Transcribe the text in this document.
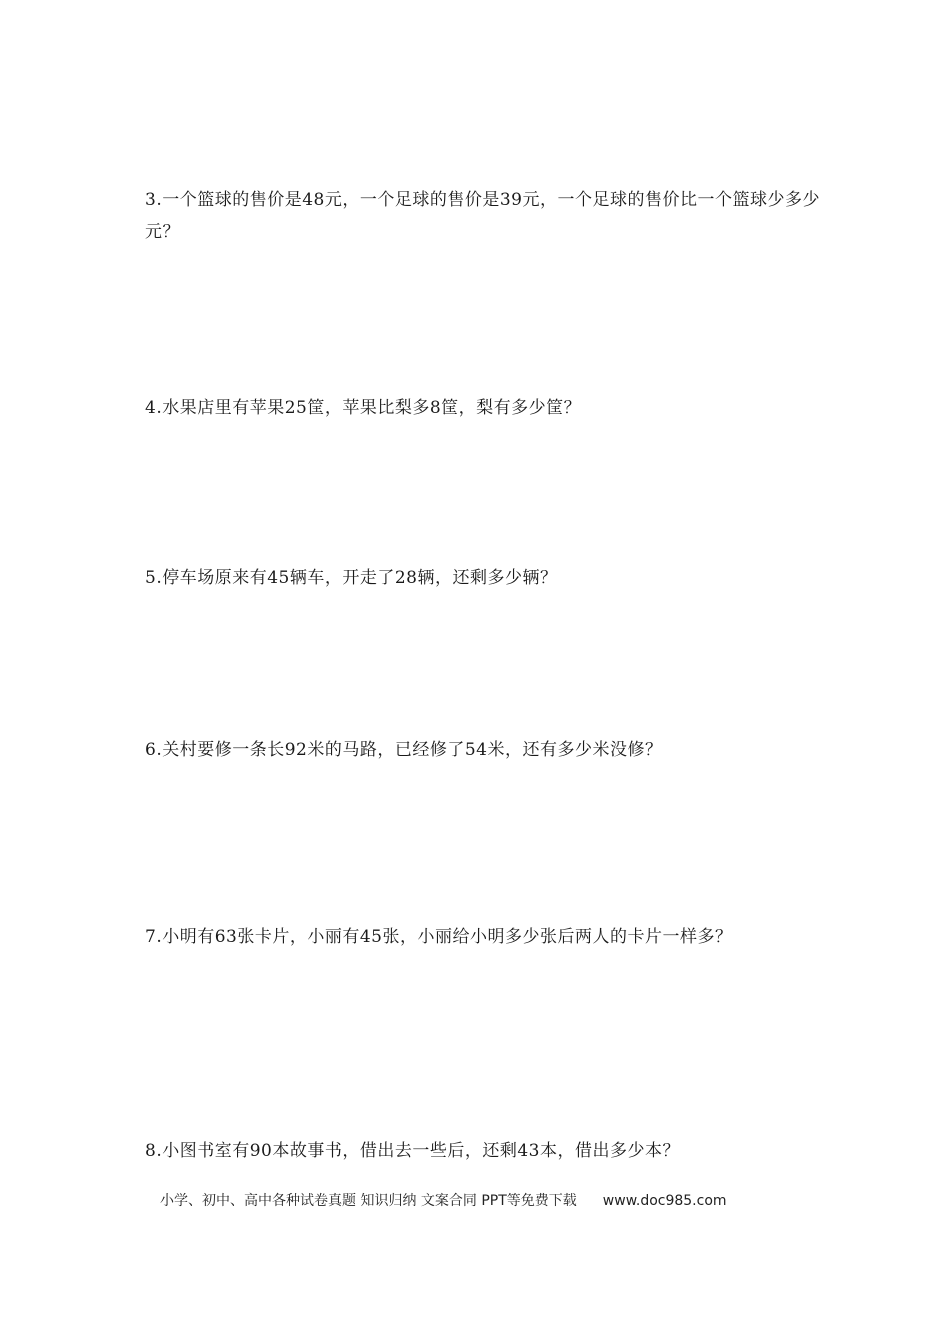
3.一个篮球的售价是48元，一个足球的售价是39元，一个足球的售价比一个篮球少多少元？

4.水果店里有苹果25筐，苹果比梨多8筐，梨有多少筐？

5.停车场原来有45辆车，开走了28辆，还剩多少辆？

6.关村要修一条长92米的马路，已经修了54米，还有多少米没修？

7.小明有63张卡片，小丽有45张，小丽给小明多少张后两人的卡片一样多？

8.小图书室有90本故事书，借出去一些后，还剩43本，借出多少本？

小学、初中、高中各种试卷真题 知识归纳 文案合同 PPT等免费下载 www.doc985.com
